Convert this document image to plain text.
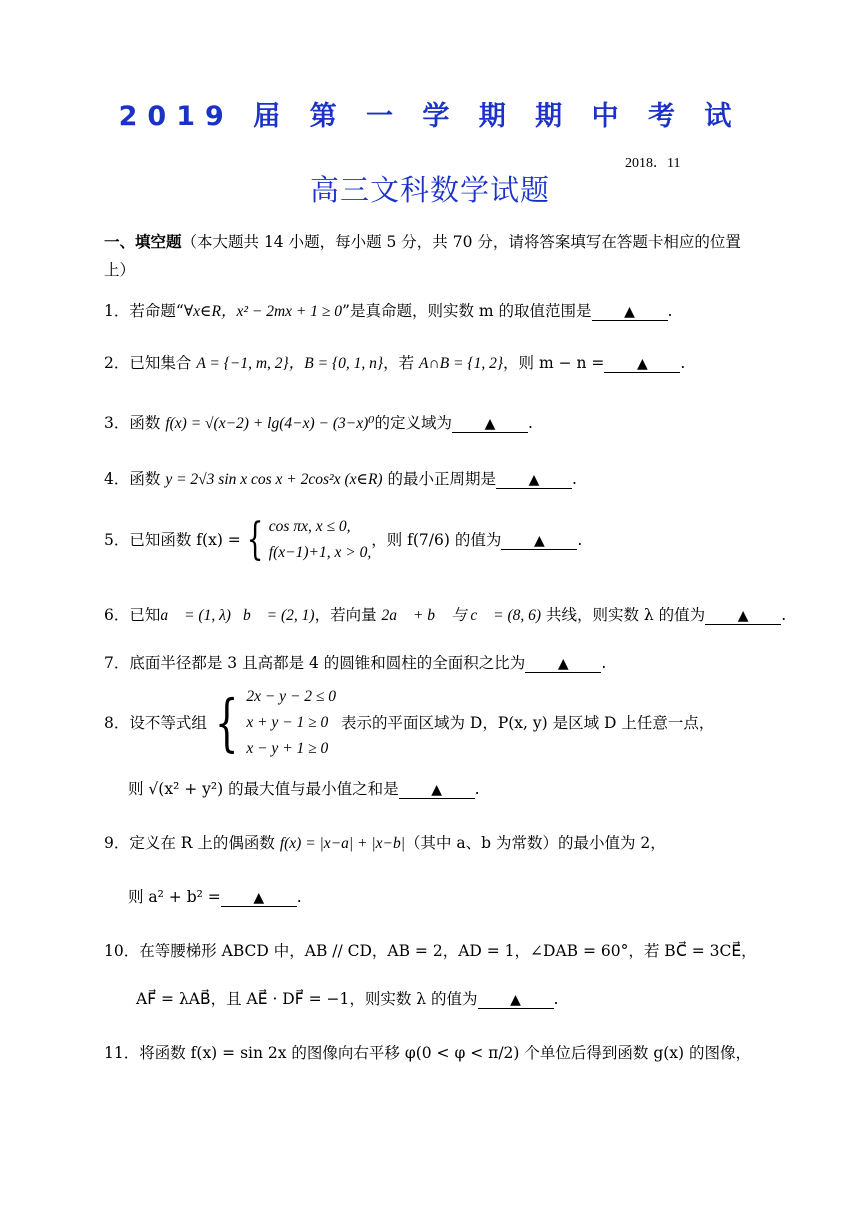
2019 届 第 一 学 期 期 中 考 试
2018．11
高三文科数学试题
一、填空题（本大题共 14 小题，每小题 5 分，共 70 分，请将答案填写在答题卡相应的位置上）
1．若命题“∀x∈R，x² − 2mx + 1 ≥ 0”是真命题，则实数 m 的取值范围是 ▲ .
2．已知集合 A = {−1, m, 2}，B = {0, 1, n}，若 A∩B = {1, 2}，则 m − n = ▲ .
3．函数 f(x) = √(x−2) + lg(4−x) − (3−x)⁰的定义域为 ▲ .
4．函数 y = 2√3 sin x cos x + 2cos²x (x∈R) 的最小正周期是 ▲ .
5．已知函数 f(x) = { cos πx, x ≤ 0,
f(x−1)+1, x > 0,
，则 f(7/6) 的值为 ▲ .
6．已知a⃗ = (1, λ)，b⃗ = (2, 1)，若向量 2a⃗ + b⃗ 与 c⃗ = (8, 6) 共线，则实数 λ 的值为 ▲ .
7．底面半径都是 3 且高都是 4 的圆锥和圆柱的全面积之比为 ▲ .
8．设不等式组 { 2x − y − 2 ≤ 0
x + y − 1 ≥ 0
x − y + 1 ≥ 0
表示的平面区域为 D，P(x, y) 是区域 D 上任意一点，
则 √(x² + y²) 的最大值与最小值之和是 ▲ .
9．定义在 R 上的偶函数 f(x) = |x−a| + |x−b|（其中 a、b 为常数）的最小值为 2，
则 a² + b² = ▲ .
10．在等腰梯形 ABCD 中，AB // CD，AB = 2，AD = 1，∠DAB = 60°，若 BC⃗ = 3CE⃗，
AF⃗ = λAB⃗，且 AE⃗ · DF⃗ = −1，则实数 λ 的值为 ▲ .
11．将函数 f(x) = sin 2x 的图像向右平移 φ(0 < φ < π/2) 个单位后得到函数 g(x) 的图像，
